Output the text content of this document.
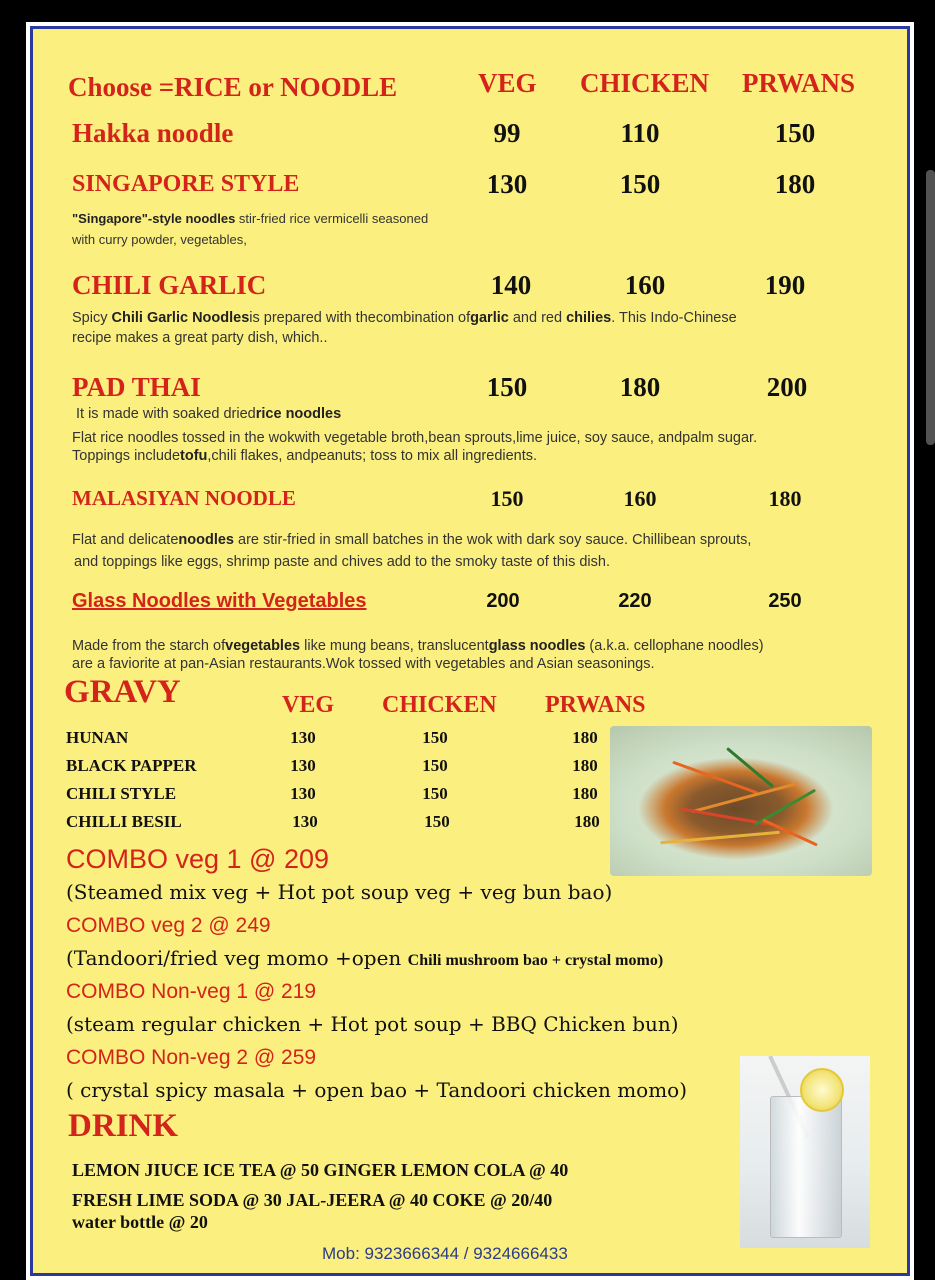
Choose =RICE or NOODLE	VEG CHICKEN PRWANS
Hakka noodle	99	110	150
SINGAPORE STYLE	130	150	180
"Singapore"-style noodles stir-fried rice vermicelli seasoned
with curry powder, vegetables,
CHILI GARLIC	140	160	190
Spicy Chili Garlic Noodlesis prepared with thecombination ofgarlic and red chilies. This Indo-Chinese
recipe makes a great party dish, which..
PAD THAI	150	180	200
It is made with soaked driedrice noodles
Flat rice noodles tossed in the wokwith vegetable broth,bean sprouts,lime juice, soy sauce, andpalm sugar.
Toppings includetofu,chili flakes, andpeanuts; toss to mix all ingredients.
MALASIYAN NOODLE	150	160	180
Flat and delicatenoodles are stir-fried in small batches in the wok with dark soy sauce. Chillibean sprouts,
and toppings like eggs, shrimp paste and chives add to the smoky taste of this dish.
Glass Noodles with Vegetables	200	220	250
Made from the starch ofvegetables like mung beans, translucentglass noodles (a.k.a. cellophane noodles)
are a faviorite at pan-Asian restaurants.Wok tossed with vegetables and Asian seasonings.
GRAVY	VEG CHICKEN PRWANS
HUNAN	130	150	180
BLACK PAPPER	130	150	180
CHILI STYLE	130	150	180
CHILLI BESIL	130	150	180
COMBO veg 1 @ 209
(Steamed mix veg + Hot pot soup veg + veg bun bao)
COMBO veg 2 @ 249
(Tandoori/fried veg momo +open Chili mushroom bao + crystal momo)
COMBO Non-veg 1 @ 219
(steam regular chicken + Hot pot soup + BBQ Chicken bun)
COMBO Non-veg 2 @ 259
( crystal spicy masala + open bao + Tandoori chicken momo)
DRINK
LEMON JIUCE ICE TEA @ 50 GINGER LEMON COLA @ 40
FRESH LIME SODA @ 30 JAL-JEERA @ 40 COKE @ 20/40
water bottle @ 20
Mob: 9323666344 / 9324666433
